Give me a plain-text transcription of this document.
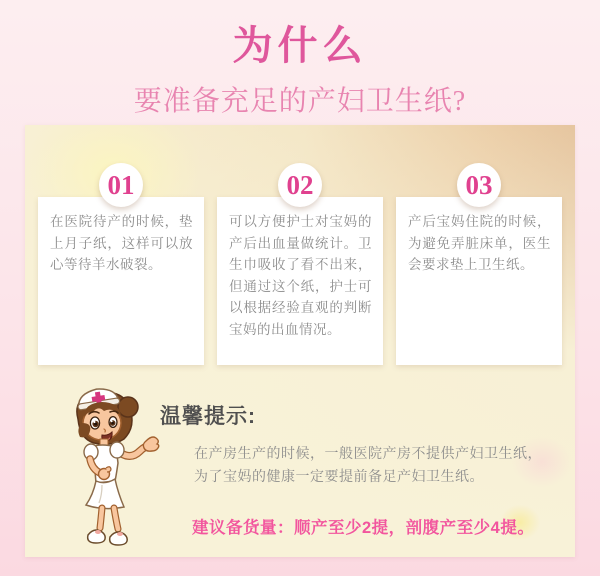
为什么
要准备充足的产妇卫生纸?
01

在医院待产的时候，垫上月子纸，这样可以放心等待羊水破裂。

02

可以方便护士对宝妈的产后出血量做统计。卫生巾吸收了看不出来，但通过这个纸，护士可以根据经验直观的判断宝妈的出血情况。

03

产后宝妈住院的时候，为避免弄脏床单，医生会要求垫上卫生纸。

温馨提示:
在产房生产的时候，一般医院产房不提供产妇卫生纸，
为了宝妈的健康一定要提前备足产妇卫生纸。
建议备货量：顺产至少2提，剖腹产至少4提。
